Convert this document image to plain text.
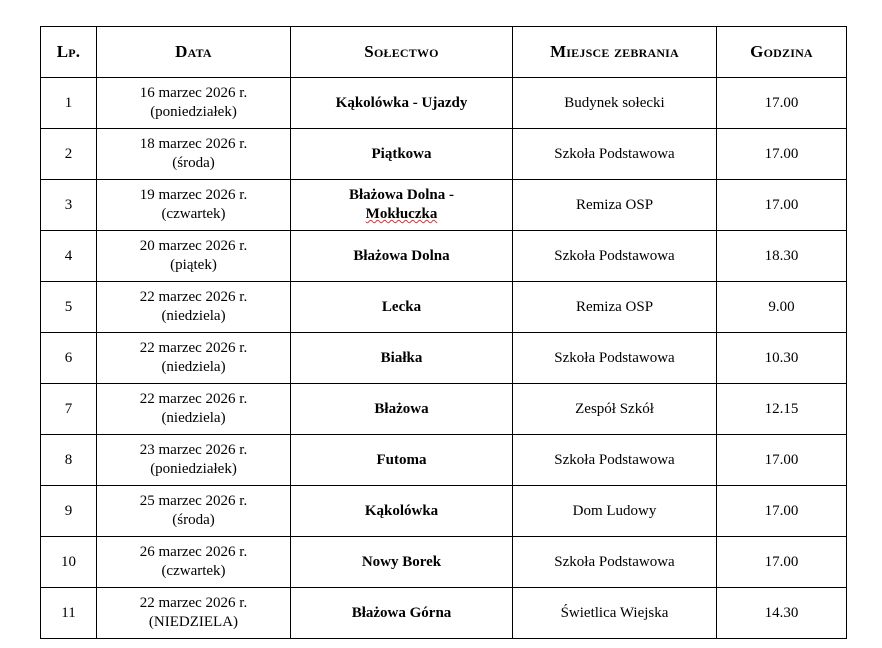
Lp.	Data	Sołectwo	Miejsce zebrania	Godzina
1	16 marzec 2026 r.
(poniedziałek)	Kąkolówka - Ujazdy	Budynek sołecki	17.00
2	18 marzec 2026 r.
(środa)	Piątkowa	Szkoła Podstawowa	17.00
3	19 marzec 2026 r.
(czwartek)	Błażowa Dolna -
Mokłuczka	Remiza OSP	17.00
4	20 marzec 2026 r.
(piątek)	Błażowa Dolna	Szkoła Podstawowa	18.30
5	22 marzec 2026 r.
(niedziela)	Lecka	Remiza OSP	9.00
6	22 marzec 2026 r.
(niedziela)	Białka	Szkoła Podstawowa	10.30
7	22 marzec 2026 r.
(niedziela)	Błażowa	Zespół Szkół	12.15
8	23 marzec 2026 r.
(poniedziałek)	Futoma	Szkoła Podstawowa	17.00
9	25 marzec 2026 r.
(środa)	Kąkolówka	Dom Ludowy	17.00
10	26 marzec 2026 r.
(czwartek)	Nowy Borek	Szkoła Podstawowa	17.00
11	22 marzec 2026 r.
(NIEDZIELA)	Błażowa Górna	Świetlica Wiejska	14.30
